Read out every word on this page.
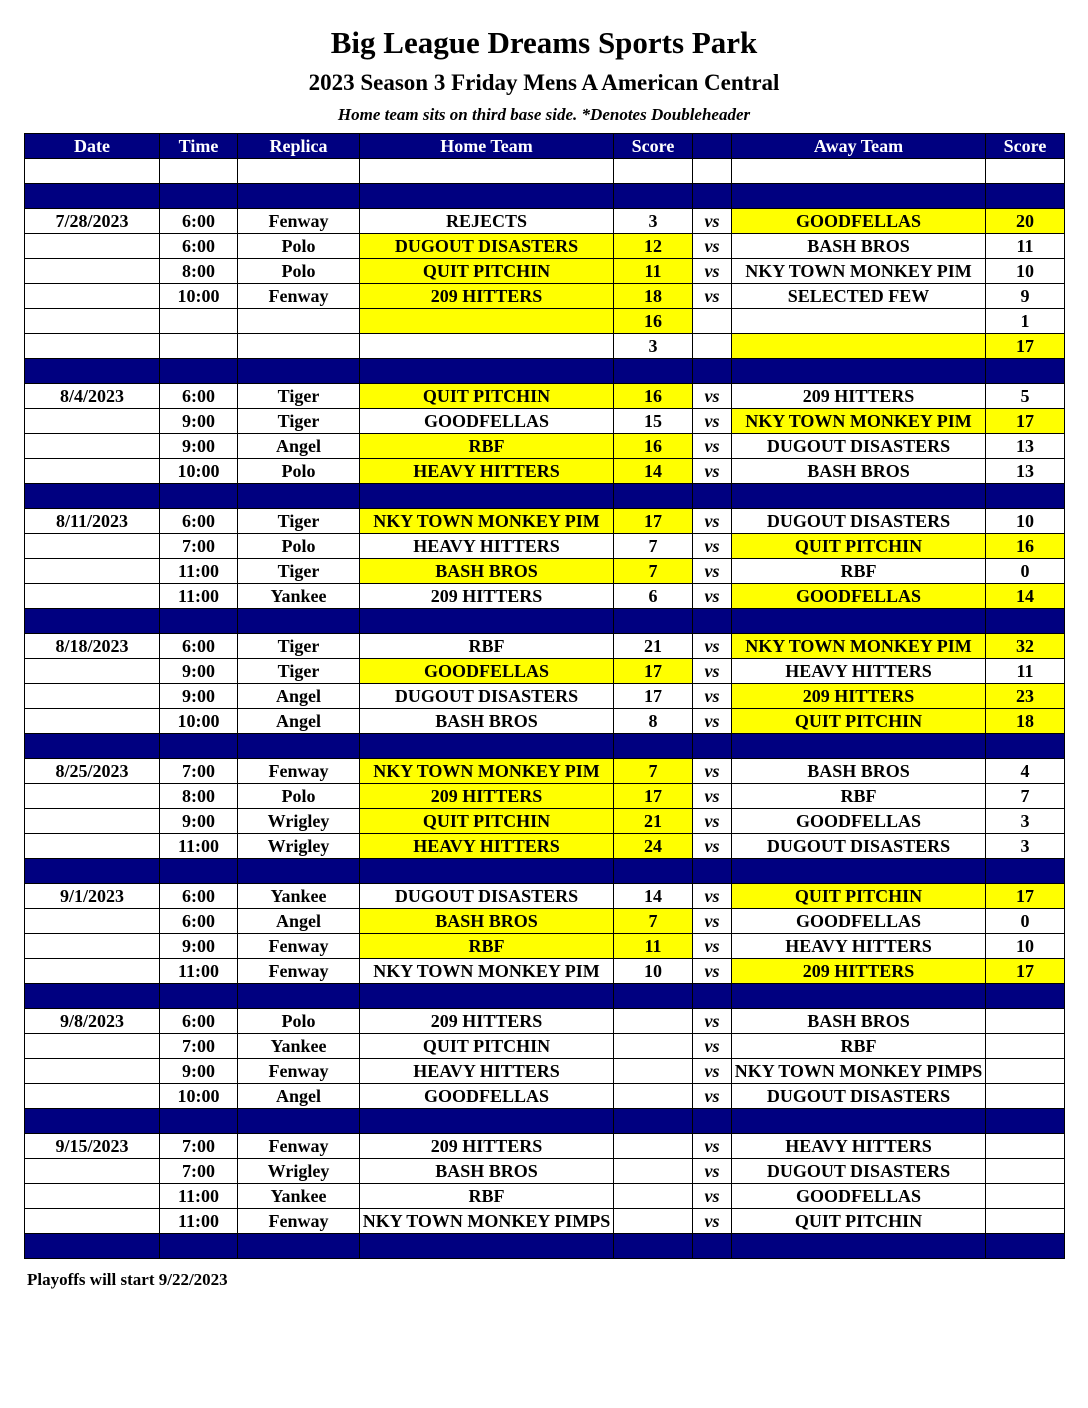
Big League Dreams Sports Park
2023 Season 3 Friday Mens A American Central
Home team sits on third base side. *Denotes Doubleheader
Date	Time	Replica	Home Team	Score		Away Team	Score

7/28/2023	6:00	Fenway	REJECTS	3	vs	GOODFELLAS	20
	6:00	Polo	DUGOUT DISASTERS	12	vs	BASH BROS	11
	8:00	Polo	QUIT PITCHIN	11	vs	NKY TOWN MONKEY PIM	10
	10:00	Fenway	209 HITTERS	18	vs	SELECTED FEW	9
				16			1
				3			17

8/4/2023	6:00	Tiger	QUIT PITCHIN	16	vs	209 HITTERS	5
	9:00	Tiger	GOODFELLAS	15	vs	NKY TOWN MONKEY PIM	17
	9:00	Angel	RBF	16	vs	DUGOUT DISASTERS	13
	10:00	Polo	HEAVY HITTERS	14	vs	BASH BROS	13

8/11/2023	6:00	Tiger	NKY TOWN MONKEY PIM	17	vs	DUGOUT DISASTERS	10
	7:00	Polo	HEAVY HITTERS	7	vs	QUIT PITCHIN	16
	11:00	Tiger	BASH BROS	7	vs	RBF	0
	11:00	Yankee	209 HITTERS	6	vs	GOODFELLAS	14

8/18/2023	6:00	Tiger	RBF	21	vs	NKY TOWN MONKEY PIM	32
	9:00	Tiger	GOODFELLAS	17	vs	HEAVY HITTERS	11
	9:00	Angel	DUGOUT DISASTERS	17	vs	209 HITTERS	23
	10:00	Angel	BASH BROS	8	vs	QUIT PITCHIN	18

8/25/2023	7:00	Fenway	NKY TOWN MONKEY PIM	7	vs	BASH BROS	4
	8:00	Polo	209 HITTERS	17	vs	RBF	7
	9:00	Wrigley	QUIT PITCHIN	21	vs	GOODFELLAS	3
	11:00	Wrigley	HEAVY HITTERS	24	vs	DUGOUT DISASTERS	3

9/1/2023	6:00	Yankee	DUGOUT DISASTERS	14	vs	QUIT PITCHIN	17
	6:00	Angel	BASH BROS	7	vs	GOODFELLAS	0
	9:00	Fenway	RBF	11	vs	HEAVY HITTERS	10
	11:00	Fenway	NKY TOWN MONKEY PIM	10	vs	209 HITTERS	17

9/8/2023	6:00	Polo	209 HITTERS		vs	BASH BROS	
	7:00	Yankee	QUIT PITCHIN		vs	RBF	
	9:00	Fenway	HEAVY HITTERS		vs	NKY TOWN MONKEY PIMPS	
	10:00	Angel	GOODFELLAS		vs	DUGOUT DISASTERS	

9/15/2023	7:00	Fenway	209 HITTERS		vs	HEAVY HITTERS	
	7:00	Wrigley	BASH BROS		vs	DUGOUT DISASTERS	
	11:00	Yankee	RBF		vs	GOODFELLAS	
	11:00	Fenway	NKY TOWN MONKEY PIMPS		vs	QUIT PITCHIN	

Playoffs will start 9/22/2023
